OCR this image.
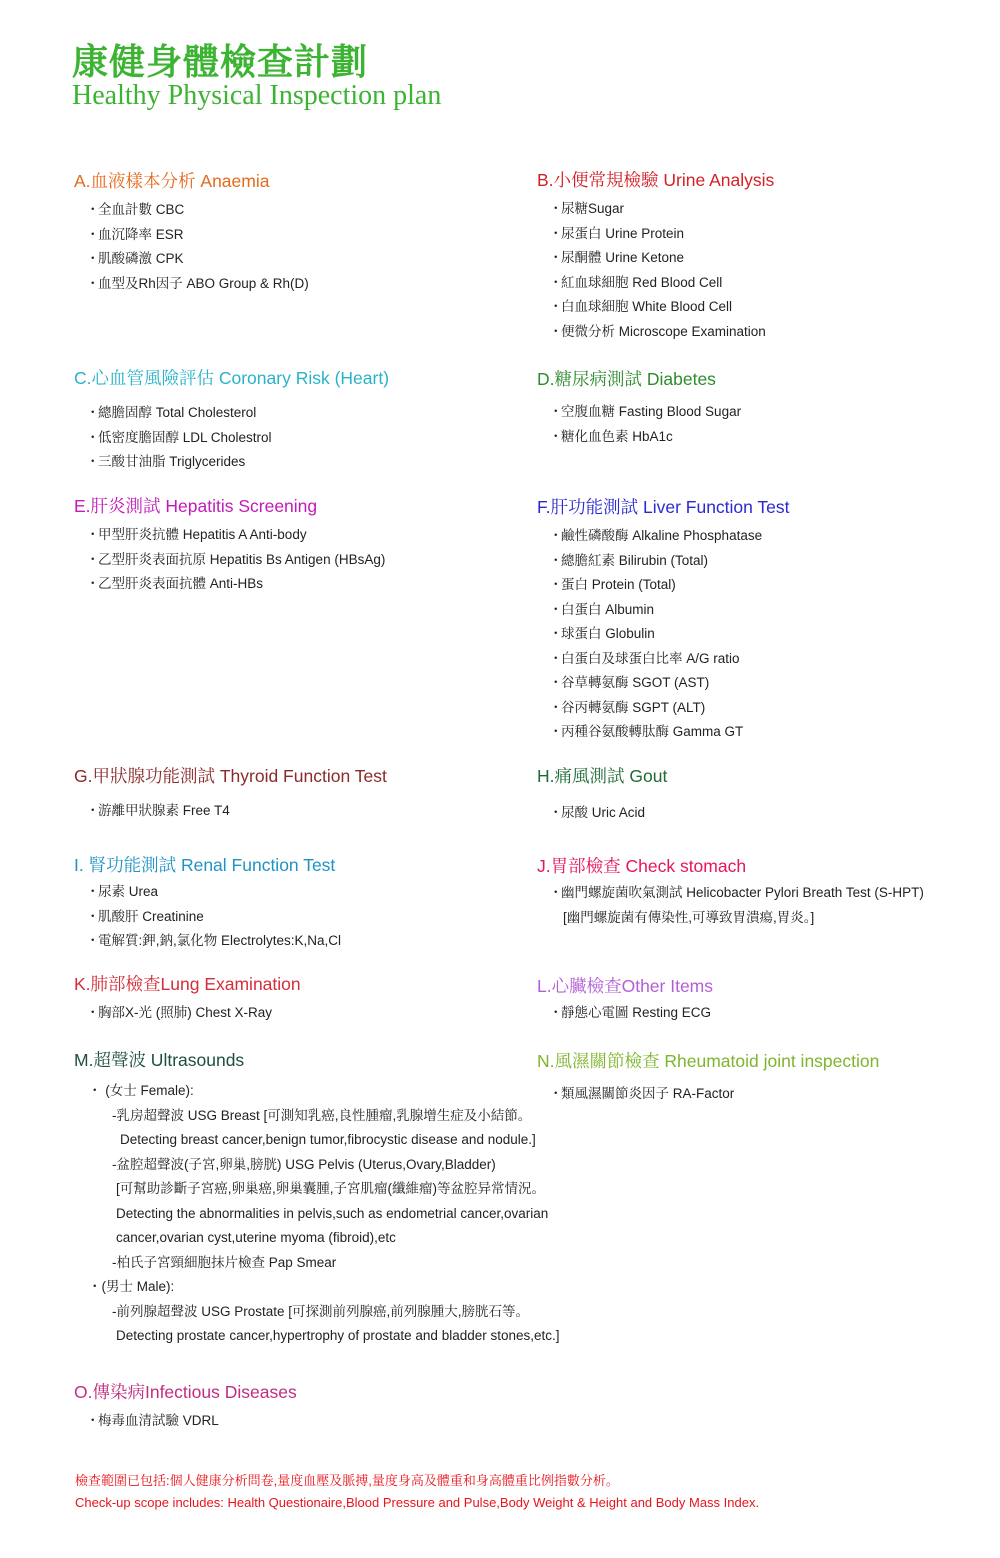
康健身體檢查計劃
Healthy Physical Inspection plan
A.血液樣本分析 Anaemia
・全血計數 CBC
・血沉降率 ESR
・肌酸磷激 CPK
・血型及Rh因子 ABO Group & Rh(D)
B.小便常規檢驗 Urine Analysis
・尿糖Sugar
・尿蛋白 Urine Protein
・尿酮體 Urine Ketone
・紅血球細胞 Red Blood Cell
・白血球細胞 White Blood Cell
・便微分析 Microscope Examination
C.心血管風險評估 Coronary Risk (Heart)
・總膽固醇 Total Cholesterol
・低密度膽固醇 LDL Cholestrol
・三酸甘油脂 Triglycerides
D.糖尿病測試 Diabetes
・空腹血糖 Fasting Blood Sugar
・糖化血色素 HbA1c
E.肝炎測試 Hepatitis Screening
・甲型肝炎抗體 Hepatitis A Anti-body
・乙型肝炎表面抗原 Hepatitis Bs Antigen (HBsAg)
・乙型肝炎表面抗體 Anti-HBs
F.肝功能測試 Liver Function Test
・鹼性磷酸酶 Alkaline Phosphatase
・總膽紅素 Bilirubin (Total)
・蛋白 Protein (Total)
・白蛋白 Albumin
・球蛋白 Globulin
・白蛋白及球蛋白比率 A/G ratio
・谷草轉氨酶 SGOT (AST)
・谷丙轉氨酶 SGPT (ALT)
・丙種谷氨酸轉肽酶 Gamma GT
G.甲狀腺功能測試 Thyroid Function Test
・游離甲狀腺素 Free T4
H.痛風測試 Gout
・尿酸 Uric Acid
I. 腎功能測試 Renal Function Test
・尿素 Urea
・肌酸肝 Creatinine
・電解質:鉀,鈉,氯化物 Electrolytes:K,Na,Cl
J.胃部檢查 Check stomach
・幽門螺旋菌吹氣測試 Helicobacter Pylori Breath Test (S-HPT)
[幽門螺旋菌有傳染性,可導致胃潰瘍,胃炎。]
K.肺部檢查Lung Examination
・胸部X-光 (照肺) Chest X-Ray
L.心臟檢查Other Items
・靜態心電圖 Resting ECG
M.超聲波 Ultrasounds
・ (女士 Female):
-乳房超聲波 USG Breast [可測知乳癌,良性腫瘤,乳腺增生症及小結節。
Detecting breast cancer,benign tumor,fibrocystic disease and nodule.]
-盆腔超聲波(子宮,卵巢,膀胱) USG Pelvis (Uterus,Ovary,Bladder)
[可幫助診斷子宮癌,卵巢癌,卵巢囊腫,子宮肌瘤(纖維瘤)等盆腔异常情況。
Detecting the abnormalities in pelvis,such as endometrial cancer,ovarian
cancer,ovarian cyst,uterine myoma (fibroid),etc
-柏氏子宮頸細胞抹片檢查 Pap Smear
・(男士 Male):
-前列腺超聲波 USG Prostate [可探測前列腺癌,前列腺腫大,膀胱石等。
Detecting prostate cancer,hypertrophy of prostate and bladder stones,etc.]
N.風濕關節檢查 Rheumatoid joint inspection
・類風濕關節炎因子 RA-Factor
O.傳染病Infectious Diseases
・梅毒血清試驗 VDRL
檢查範圍已包括:個人健康分析問卷,量度血壓及脈搏,量度身高及體重和身高體重比例指數分析。
Check-up scope includes: Health Questionaire,Blood Pressure and Pulse,Body Weight & Height and Body Mass Index.
